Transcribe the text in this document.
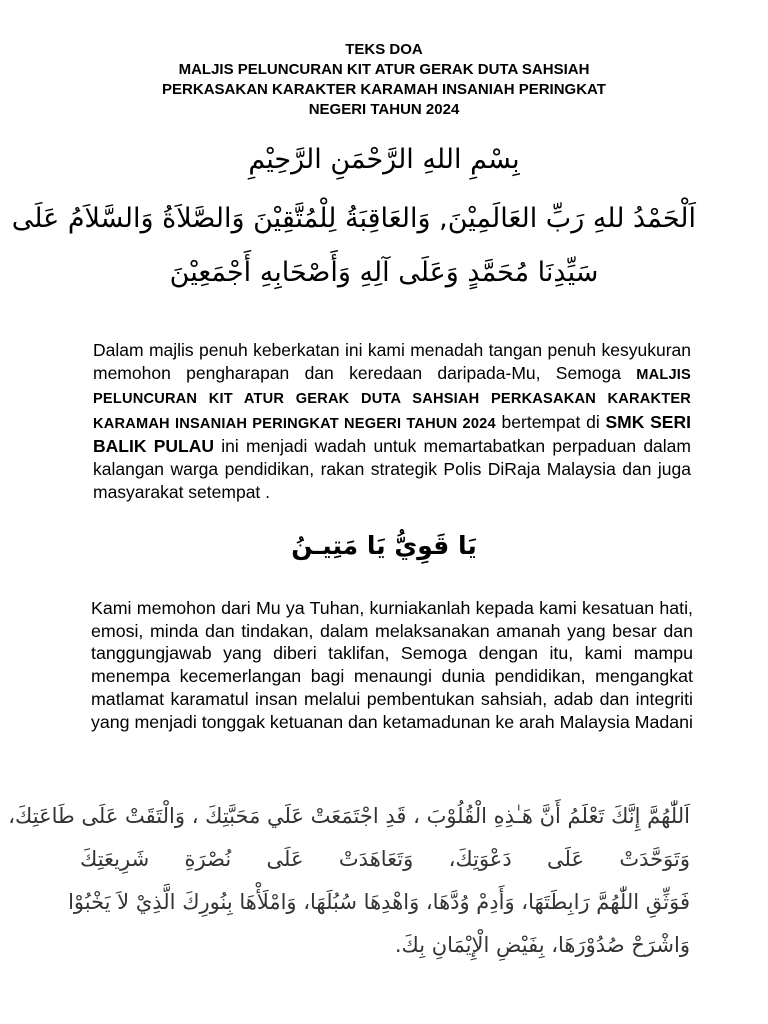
TEKS DOA
MALJIS PELUNCURAN KIT ATUR GERAK DUTA SAHSIAH
PERKASAKAN KARAKTER KARAMAH INSANIAH PERINGKAT
NEGERI TAHUN 2024
بِسْمِ اللهِ الرَّحْمَنِ الرَّحِيْمِ
اَلْحَمْدُ للهِ رَبِّ العَالَمِيْنَ, وَالعَاقِبَةُ لِلْمُتَّقِيْنَ وَالصَّلاَةُ وَالسَّلاَمُ عَلَى
سَيِّدِنَا مُحَمَّدٍ وَعَلَى آلِهِ وَأَصْحَابِهِ أَجْمَعِيْنَ
Dalam majlis penuh keberkatan ini kami menadah tangan penuh kesyukuran memohon pengharapan dan keredaan daripada-Mu, Semoga MALJIS PELUNCURAN KIT ATUR GERAK DUTA SAHSIAH PERKASAKAN KARAKTER KARAMAH INSANIAH PERINGKAT NEGERI TAHUN 2024 bertempat di SMK SERI BALIK PULAU ini menjadi wadah untuk memartabatkan perpaduan dalam kalangan warga pendidikan, rakan strategik Polis DiRaja Malaysia dan juga masyarakat setempat .
يَا قَوِيُّ يَا مَتِيـنُ
Kami memohon dari Mu ya Tuhan, kurniakanlah kepada kami kesatuan hati, emosi, minda dan tindakan, dalam melaksanakan amanah yang besar dan tanggungjawab yang diberi taklifan, Semoga dengan itu, kami mampu menempa kecemerlangan bagi menaungi dunia pendidikan, mengangkat matlamat karamatul insan melalui pembentukan sahsiah, adab dan integriti yang menjadi tonggak ketuanan dan ketamadunan ke arah Malaysia Madani
اَللّٰهُمَّ إِنَّكَ تَعْلَمُ أَنَّ هَـٰذِهِ الْقُلُوْبَ ، قَدِ اجْتَمَعَتْ عَلَي مَحَبَّتِكَ ، وَالْتَقَتْ عَلَى طَاعَتِكَ،
وَتَوَحَّدَتْ عَلَى دَعْوَتِكَ، وَتَعَاهَدَتْ عَلَى نُصْرَةِ شَرِيعَتِكَ
فَوَثِّقِ اللّٰهُمَّ رَابِطَتَهَا، وَأَدِمْ وُدَّهَا، وَاهْدِهَا سُبُلَهَا، وَامْلَأْهَا بِنُورِكَ الَّذِيْ لاَ يَخْبُوْا
وَاشْرَحْ صُدُوْرَهَا، بِفَيْضِ الْإِيْمَانِ بِكَ.
